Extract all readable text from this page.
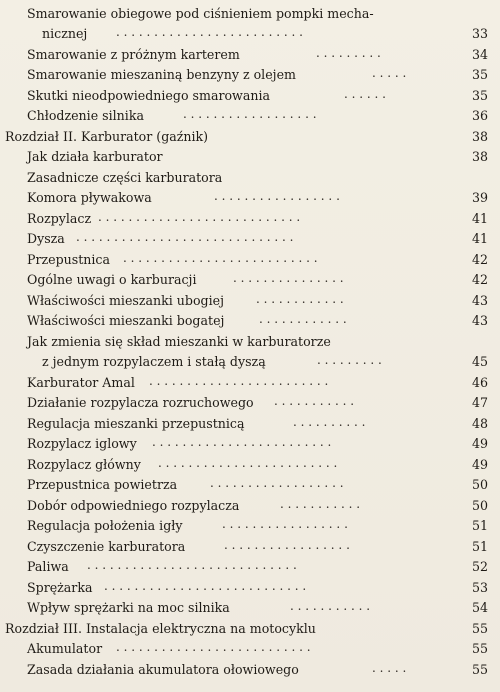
Smarowanie obiegowe pod ciśnieniem pompki mecha-
nicznej . . . . . . . . . . . . . . . . . . . . . . . . .	33
Smarowanie z próżnym karterem	. . . . . . . . .	34
Smarowanie mieszaniną benzyny z olejem	. . . . .	35
Skutki nieodpowiedniego smarowania	. . . . . .	35
Chłodzenie silnika	. . . . . . . . . . . . . . . . . .	36
Rozdział II. Karburator (gaźnik)	38
Jak działa karburator	38
Zasadnicze części karburatora
Komora pływakowa	. . . . . . . . . . . . . . . . .	39
Rozpylacz . . . . . . . . . . . . . . . . . . . . . . . . . . .	41
Dysza . . . . . . . . . . . . . . . . . . . . . . . . . . . . .	41
Przepustnica . . . . . . . . . . . . . . . . . . . . . . . . . .	42
Ogólne uwagi o karburacji	. . . . . . . . . . . . . . .	42
Właściwości mieszanki ubogiej	. . . . . . . . . . . .	43
Właściwości mieszanki bogatej	. . . . . . . . . . . .	43
Jak zmienia się skład mieszanki w karburatorze
z jednym rozpylaczem i stałą dyszą	. . . . . . . . .	45
Karburator Amal . . . . . . . . . . . . . . . . . . . . . . . .	46
Działanie rozpylacza rozruchowego . . . . . . . . . . .	47
Regulacja mieszanki przepustnicą	. . . . . . . . . .	48
Rozpylacz iglowy . . . . . . . . . . . . . . . . . . . . . . . .	49
Rozpylacz główny . . . . . . . . . . . . . . . . . . . . . . . .	49
Przepustnica powietrza	. . . . . . . . . . . . . . . . . .	50
Dobór odpowiedniego rozpylacza	. . . . . . . . . . .	50
Regulacja położenia igły	. . . . . . . . . . . . . . . . .	51
Czyszczenie karburatora	. . . . . . . . . . . . . . . . .	51
Paliwa . . . . . . . . . . . . . . . . . . . . . . . . . . . .	52
Sprężarka . . . . . . . . . . . . . . . . . . . . . . . . . . .	53
Wpływ sprężarki na moc silnika	. . . . . . . . . . .	54
Rozdział III. Instalacja elektryczna na motocyklu	55
Akumulator . . . . . . . . . . . . . . . . . . . . . . . . . .	55
Zasada działania akumulatora ołowiowego	. . . . .	55
